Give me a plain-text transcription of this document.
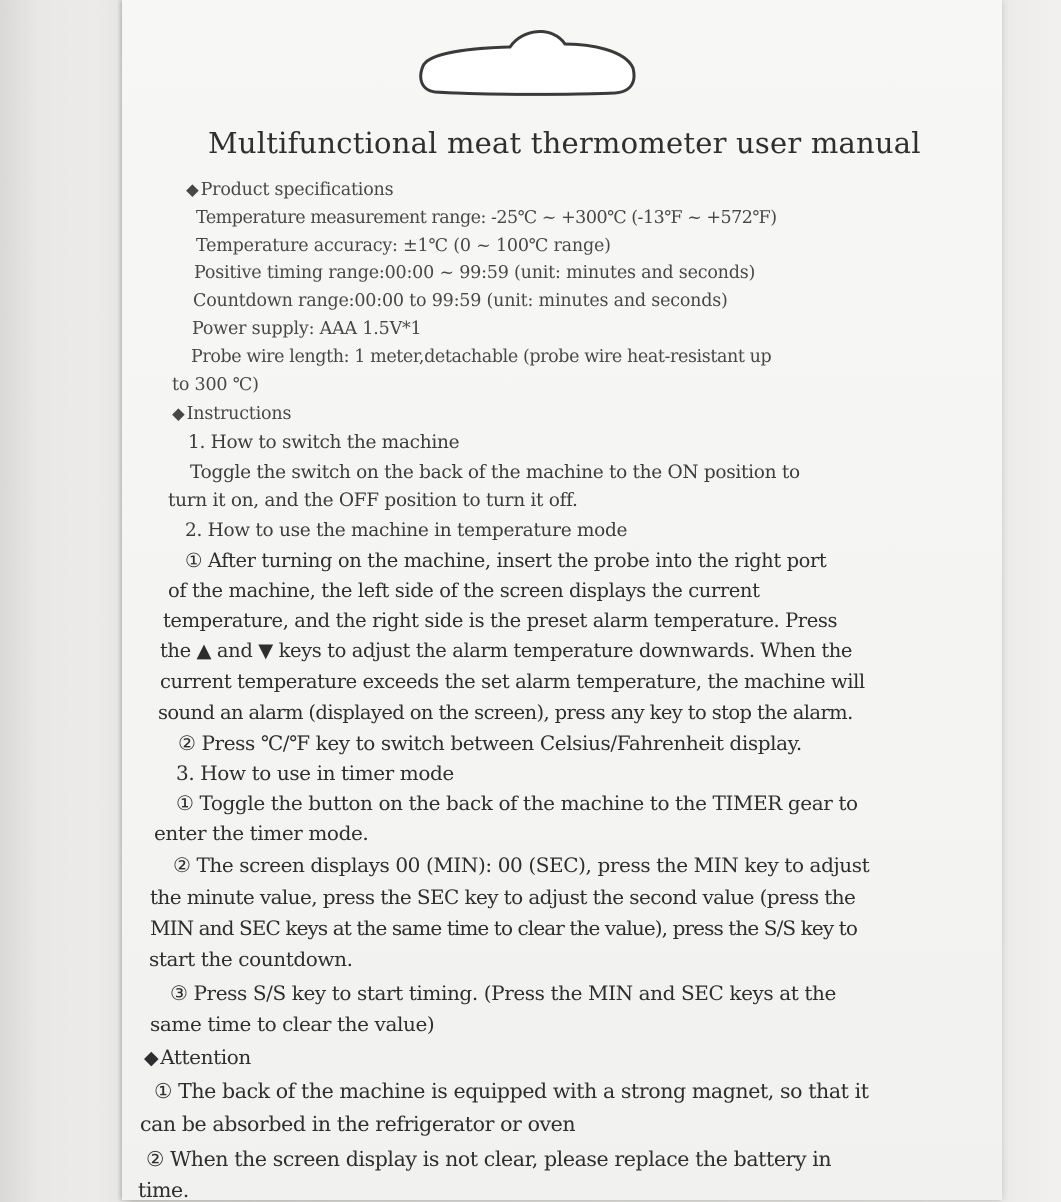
Multifunctional meat thermometer user manual
◆ Product specifications
Temperature measurement range: -25℃ ~ +300℃ (-13℉ ~ +572℉)
Temperature accuracy: ±1℃ (0 ~ 100℃ range)
Positive timing range:00:00 ~ 99:59 (unit: minutes and seconds)
Countdown range:00:00 to 99:59 (unit: minutes and seconds)
Power supply: AAA 1.5V*1
Probe wire length: 1 meter,detachable (probe wire heat-resistant up
to 300 ℃)
◆ Instructions
1. How to switch the machine
Toggle the switch on the back of the machine to the ON position to
turn it on, and the OFF position to turn it off.
2. How to use the machine in temperature mode
① After turning on the machine, insert the probe into the right port
of the machine, the left side of the screen displays the current
temperature, and the right side is the preset alarm temperature. Press
the ▲ and ▼ keys to adjust the alarm temperature downwards. When the
current temperature exceeds the set alarm temperature, the machine will
sound an alarm (displayed on the screen), press any key to stop the alarm.
② Press ℃/℉ key to switch between Celsius/Fahrenheit display.
3. How to use in timer mode
① Toggle the button on the back of the machine to the TIMER gear to
enter the timer mode.
② The screen displays 00 (MIN): 00 (SEC), press the MIN key to adjust
the minute value, press the SEC key to adjust the second value (press the
MIN and SEC keys at the same time to clear the value), press the S/S key to
start the countdown.
③ Press S/S key to start timing. (Press the MIN and SEC keys at the
same time to clear the value)
◆ Attention
① The back of the machine is equipped with a strong magnet, so that it
can be absorbed in the refrigerator or oven
② When the screen display is not clear, please replace the battery in
time.
